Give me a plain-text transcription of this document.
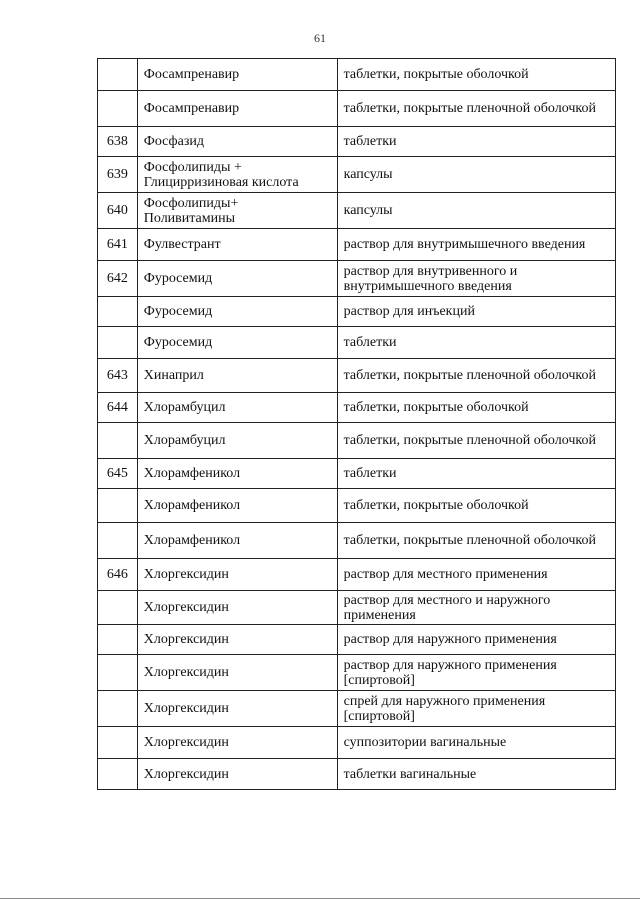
61
	Фосампренавир	таблетки, покрытые оболочкой
	Фосампренавир	таблетки, покрытые пленочной оболочкой
638	Фосфазид	таблетки
639	Фосфолипиды + Глицирризиновая кислота	капсулы
640	Фосфолипиды+ Поливитамины	капсулы
641	Фулвестрант	раствор для внутримышечного введения
642	Фуросемид	раствор для внутривенного и внутримышечного введения
	Фуросемид	раствор для инъекций
	Фуросемид	таблетки
643	Хинаприл	таблетки, покрытые пленочной оболочкой
644	Хлорамбуцил	таблетки, покрытые оболочкой
	Хлорамбуцил	таблетки, покрытые пленочной оболочкой
645	Хлорамфеникол	таблетки
	Хлорамфеникол	таблетки, покрытые оболочкой
	Хлорамфеникол	таблетки, покрытые пленочной оболочкой
646	Хлоргексидин	раствор для местного применения
	Хлоргексидин	раствор для местного и наружного применения
	Хлоргексидин	раствор для наружного применения
	Хлоргексидин	раствор для наружного применения [спиртовой]
	Хлоргексидин	спрей для наружного применения [спиртовой]
	Хлоргексидин	суппозитории вагинальные
	Хлоргексидин	таблетки вагинальные
